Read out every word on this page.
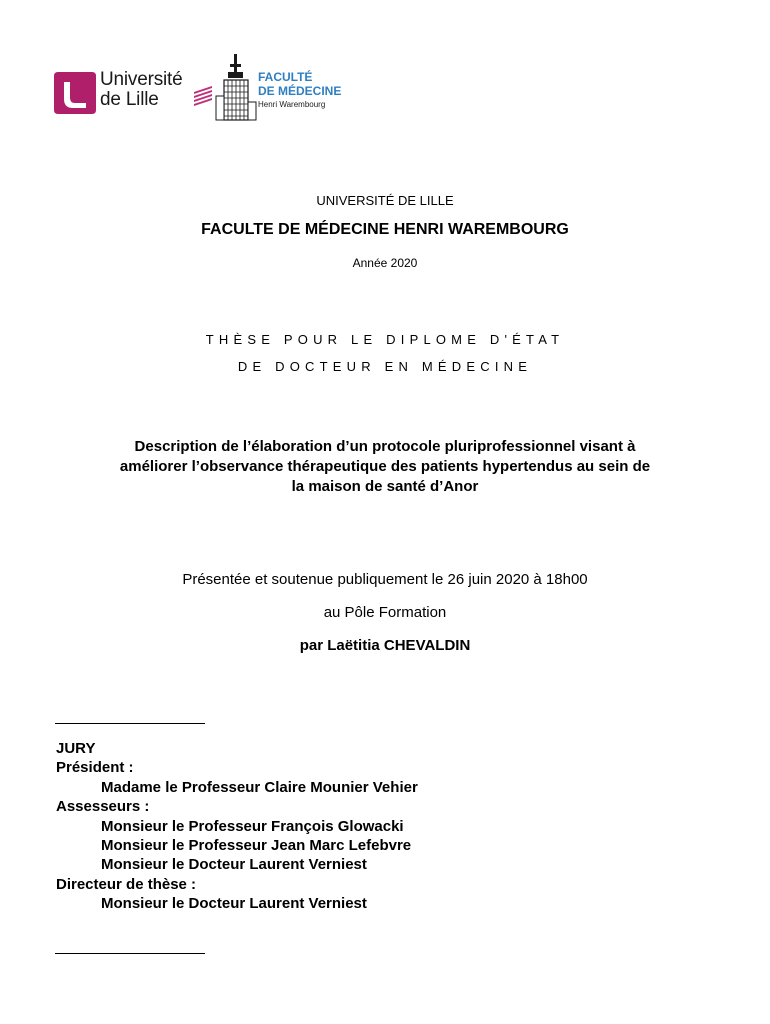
Université
de Lille
FACULTÉ
DE MÉDECINE
Henri Warembourg
UNIVERSITÉ DE LILLE
FACULTE DE MÉDECINE HENRI WAREMBOURG
Année 2020
THÈSE POUR LE DIPLOME D'ÉTAT
DE DOCTEUR EN MÉDECINE
Description de l’élaboration d’un protocole pluriprofessionnel visant à
améliorer l’observance thérapeutique des patients hypertendus au sein de
la maison de santé d’Anor
Présentée et soutenue publiquement le 26 juin 2020 à 18h00
au Pôle Formation
par Laëtitia CHEVALDIN
JURY
Président :
Madame le Professeur Claire Mounier Vehier
Assesseurs :
Monsieur le Professeur François Glowacki
Monsieur le Professeur Jean Marc Lefebvre
Monsieur le Docteur Laurent Verniest
Directeur de thèse :
Monsieur le Docteur Laurent Verniest
